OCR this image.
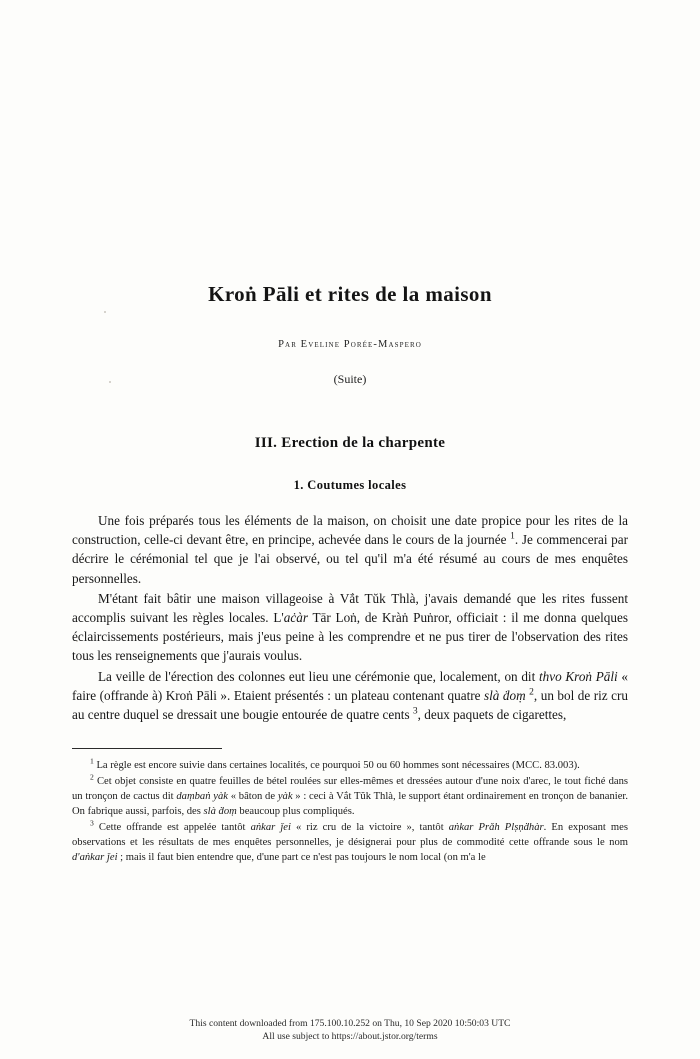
Kroṅ Pāli et rites de la maison
Par Eveline Porée-Maspero
(Suite)
III. Erection de la charpente
1. Coutumes locales

Une fois préparés tous les éléments de la maison, on choisit une date propice pour les rites de la construction, celle-ci devant être, en principe, achevée dans le cours de la journée $^1$. Je commencerai par décrire le cérémonial tel que je l'ai observé, ou tel qu'il m'a été résumé au cours de mes enquêtes personnelles.

M'étant fait bâtir une maison villageoise à Vắt Tŭk Thlà, j'avais demandé que les rites fussent accomplis suivant les règles locales. L'aċàr Tār Loṅ, de Kràṅ Puṅror, officiait : il me donna quelques éclaircissements postérieurs, mais j'eus peine à les comprendre et ne pus tirer de l'observation des rites tous les renseignements que j'aurais voulus.

La veille de l'érection des colonnes eut lieu une cérémonie que, localement, on dit thvo Kroṅ Pāli « faire (offrande à) Kroṅ Pāli ». Etaient présentés : un plateau contenant quatre slà ḋoṃ $^2$, un bol de riz cru au centre duquel se dressait une bougie entourée de quatre cents $^3$, deux paquets de cigarettes,

$^1$ La règle est encore suivie dans certaines localités, ce pourquoi 50 ou 60 hommes sont nécessaires (MCC. 83.003).

$^2$ Cet objet consiste en quatre feuilles de bétel roulées sur elles-mêmes et dressées autour d'une noix d'arec, le tout fiché dans un tronçon de cactus dit daṃbaṅ yàk « bâton de yàk » : ceci à Vắt Tŭk Thlà, le support étant ordinairement en tronçon de bananier. On fabrique aussi, parfois, des slà ḋoṃ beaucoup plus compliqués.

$^3$ Cette offrande est appelée tantôt aṅkar ǰei « riz cru de la victoire », tantôt aṅkar Prǎh Plṣṇḋhàr. En exposant mes observations et les résultats de mes enquêtes personnelles, je désignerai pour plus de commodité cette offrande sous le nom d'aṅkar ǰei ; mais il faut bien entendre que, d'une part ce n'est pas toujours le nom local (on m'a le

This content downloaded from 175.100.10.252 on Thu, 10 Sep 2020 10:50:03 UTC
All use subject to https://about.jstor.org/terms
